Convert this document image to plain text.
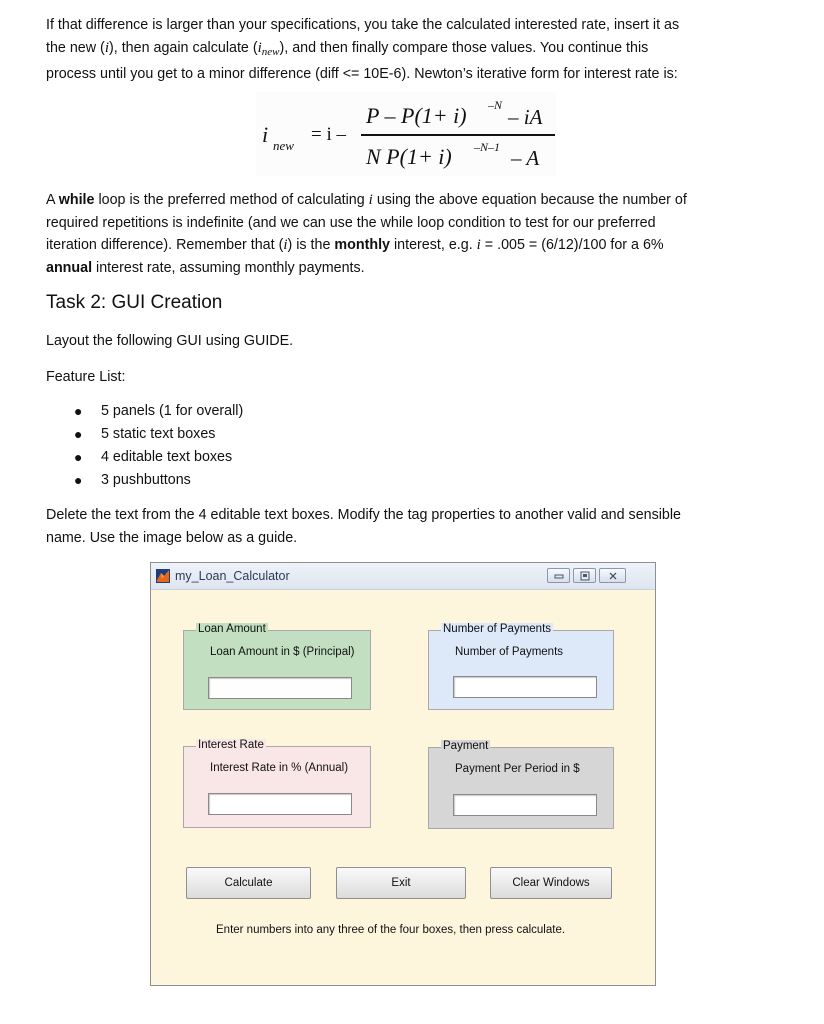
If that difference is larger than your specifications, you take the calculated interested rate, insert it as
the new (i), then again calculate $(i_{new})$, and then finally compare those values. You continue this
process until you get to a minor difference (diff <= 10E-6). Newton’s iterative form for interest rate is:
i new
= i –
P – P(1+ i) –N – iA
N P(1+ i) –N–1 – A
A while loop is the preferred method of calculating i using the above equation because the number of
required repetitions is indefinite (and we can use the while loop condition to test for our preferred
iteration difference). Remember that (i) is the monthly interest, e.g. i = .005 = (6/12)/100 for a 6%
annual interest rate, assuming monthly payments.
Task 2: GUI Creation
Layout the following GUI using GUIDE.
Feature List:
● 5 panels (1 for overall)
● 5 static text boxes
● 4 editable text boxes
● 3 pushbuttons
Delete the text from the 4 editable text boxes. Modify the tag properties to another valid and sensible
name. Use the image below as a guide.
my_Loan_Calculator
Loan Amount
Loan Amount in $ (Principal)
Number of Payments
Number of Payments
Interest Rate
Interest Rate in % (Annual)
Payment
Payment Per Period in $
Calculate	Exit	Clear Windows
Enter numbers into any three of the four boxes, then press calculate.
